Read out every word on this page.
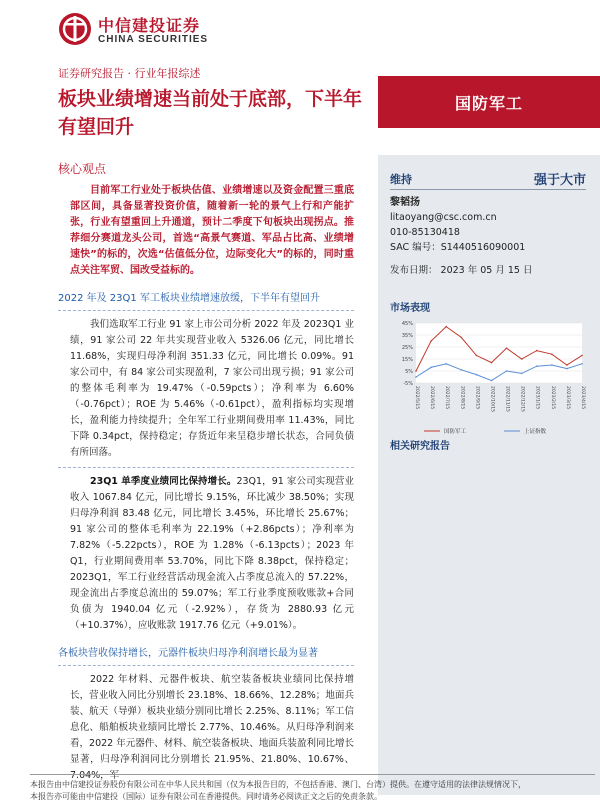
中信建投证券
CHINA SECURITIES
证券研究报告 · 行业年报综述
板块业绩增速当前处于底部，下半年有望回升
国防军工
核心观点
目前军工行业处于板块估值、业绩增速以及资金配置三重底部区间，具备显著投资价值，随着新一轮的景气上行和产能扩张，行业有望重回上升通道，预计二季度下旬板块出现拐点。推荐细分赛道龙头公司，首选“高景气赛道、军品占比高、业绩增速快”的标的，次选“估值低分位，边际变化大”的标的，同时重点关注军贸、国改受益标的。
2022 年及 23Q1 军工板块业绩增速放缓，下半年有望回升

我们选取军工行业 91 家上市公司分析 2022 年及 2023Q1 业绩，91 家公司 22 年共实现营业收入 5326.06 亿元，同比增长 11.68%，实现归母净利润 351.33 亿元，同比增长 0.09%。91 家公司中，有 84 家公司实现盈利，7 家公司出现亏损；91 家公司的整体毛利率为 19.47%（-0.59pcts）；净利率为 6.60%（-0.76pct）；ROE 为 5.46%（-0.61pct），盈利指标均实现增长，盈利能力持续提升；全年军工行业期间费用率 11.43%，同比下降 0.34pct，保持稳定；存货近年来呈稳步增长状态，合同负债有所回落。

23Q1 单季度业绩同比保持增长。23Q1，91 家公司实现营业收入 1067.84 亿元，同比增长 9.15%，环比减少 38.50%；实现归母净利润 83.48 亿元，同比增长 3.45%，环比增长 25.67%；91 家公司的整体毛利率为 22.19%（+2.86pcts）；净利率为 7.82%（-5.22pcts），ROE 为 1.28%（-6.13pcts）；2023 年 Q1，行业期间费用率 53.70%，同比下降 8.38pct，保持稳定；2023Q1，军工行业经营活动现金流入占季度总流入的 57.22%，现金流出占季度总流出的 59.07%；军工行业季度预收账款+合同负债为 1940.04 亿元（-2.92%），存货为 2880.93 亿元（+10.37%），应收账款 1917.76 亿元（+9.01%）。

各板块营收保持增长，元器件板块归母净利润增长最为显著

2022 年材料、元器件板块、航空装备板块业绩同比保持增长，营业收入同比分别增长 23.18%、18.66%、12.28%；地面兵装、航天（导弹）板块业绩分别同比增长 2.25%、8.11%；军工信息化、船舶板块业绩同比增长 2.77%、10.46%。从归母净利润来看，2022 年元器件、材料、航空装备板块、地面兵装盈利同比增长显著，归母净利润同比分别增长 21.95%、21.80%、10.67%、7.04%，军

维持	强于大市
黎韬扬
litaoyang@csc.com.cn
010-85130418
SAC 编号：S1440516090001
发布日期： 2023 年 05 月 15 日
市场表现
45%
35%
25%
15%
5%
-5%
2022/5/15 2022/6/15 2022/7/15 2022/8/15 2022/9/15 2022/10/15 2022/11/15 2022/12/15 2023/1/15 2023/2/15 2023/3/15 2023/4/15
国防军工	上证指数
相关研究报告
本报告由中信建投证券股份有限公司在中华人民共和国（仅为本报告目的，不包括香港、澳门、台湾）提供。在遵守适用的法律法规情况下，
本报告亦可能由中信建投（国际）证券有限公司在香港提供。同时请务必阅读正文之后的免责条款。
